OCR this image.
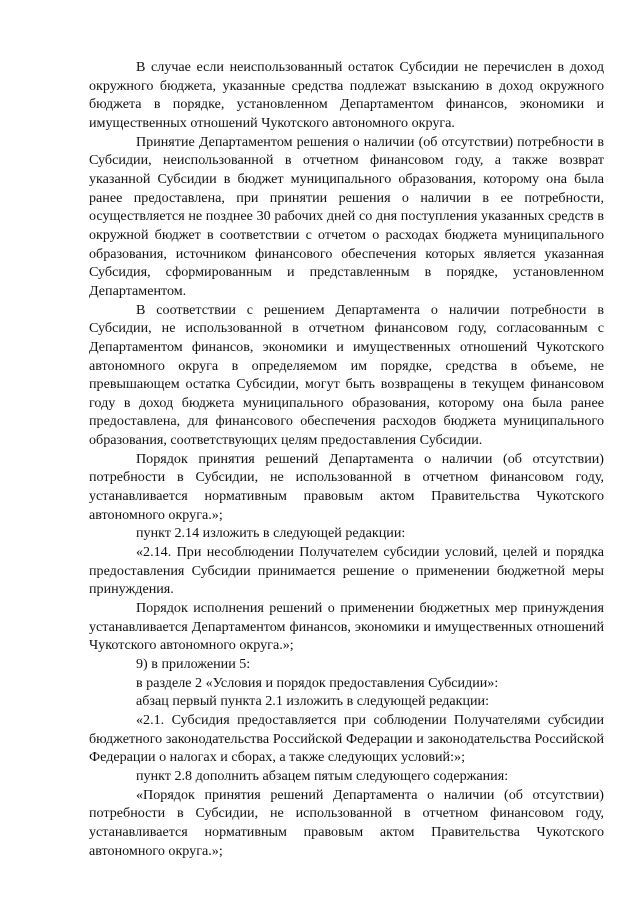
В случае если неиспользованный остаток Субсидии не перечислен в доход окружного бюджета, указанные средства подлежат взысканию в доход окружного бюджета в порядке, установленном Департаментом финансов, экономики и имущественных отношений Чукотского автономного округа.

Принятие Департаментом решения о наличии (об отсутствии) потребности в Субсидии, неиспользованной в отчетном финансовом году, а также возврат указанной Субсидии в бюджет муниципального образования, которому она была ранее предоставлена, при принятии решения о наличии в ее потребности, осуществляется не позднее 30 рабочих дней со дня поступления указанных средств в окружной бюджет в соответствии с отчетом о расходах бюджета муниципального образования, источником финансового обеспечения которых является указанная Субсидия, сформированным и представленным в порядке, установленном Департаментом.

В соответствии с решением Департамента о наличии потребности в Субсидии, не использованной в отчетном финансовом году, согласованным с Департаментом финансов, экономики и имущественных отношений Чукотского автономного округа в определяемом им порядке, средства в объеме, не превышающем остатка Субсидии, могут быть возвращены в текущем финансовом году в доход бюджета муниципального образования, которому она была ранее предоставлена, для финансового обеспечения расходов бюджета муниципального образования, соответствующих целям предоставления Субсидии.

Порядок принятия решений Департамента о наличии (об отсутствии) потребности в Субсидии, не использованной в отчетном финансовом году, устанавливается нормативным правовым актом Правительства Чукотского автономного округа.»;

пункт 2.14 изложить в следующей редакции:

«2.14. При несоблюдении Получателем субсидии условий, целей и порядка предоставления Субсидии принимается решение о применении бюджетной меры принуждения.

Порядок исполнения решений о применении бюджетных мер принуждения устанавливается Департаментом финансов, экономики и имущественных отношений Чукотского автономного округа.»;

9) в приложении 5:

в разделе 2 «Условия и порядок предоставления Субсидии»:

абзац первый пункта 2.1 изложить в следующей редакции:

«2.1. Субсидия предоставляется при соблюдении Получателями субсидии бюджетного законодательства Российской Федерации и законодательства Российской Федерации о налогах и сборах, а также следующих условий:»;

пункт 2.8 дополнить абзацем пятым следующего содержания:

«Порядок принятия решений Департамента о наличии (об отсутствии) потребности в Субсидии, не использованной в отчетном финансовом году, устанавливается нормативным правовым актом Правительства Чукотского автономного округа.»;
